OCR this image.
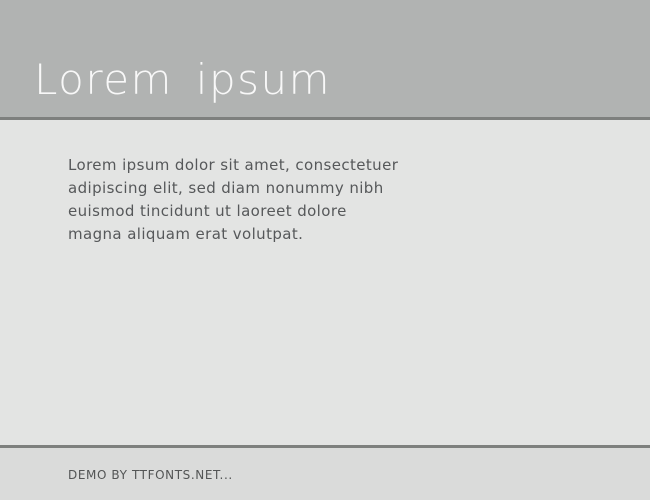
Lorem ipsum
Lorem ipsum dolor sit amet, consectetuer
adipiscing elit, sed diam nonummy nibh
euismod tincidunt ut laoreet dolore
magna aliquam erat volutpat.
DEMO BY TTFONTS.NET...
